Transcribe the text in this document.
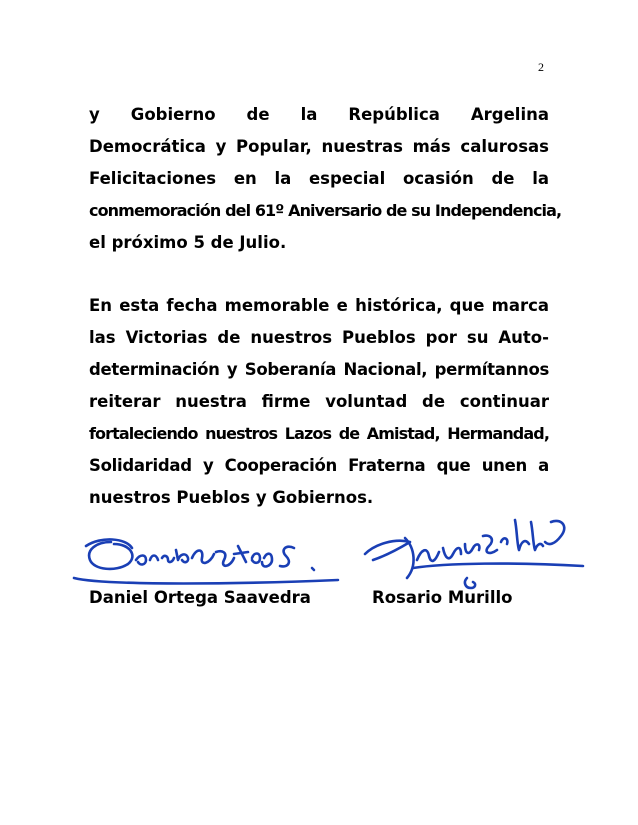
2
y Gobierno de la República Argelina
Democrática y Popular, nuestras más calurosas
Felicitaciones en la especial ocasión de la
conmemoración del 61º Aniversario de su Independencia,
el próximo 5 de Julio.
En esta fecha memorable e histórica, que marca
las Victorias de nuestros Pueblos por su Auto-
determinación y Soberanía Nacional, permítannos
reiterar nuestra firme voluntad de continuar
fortaleciendo nuestros Lazos de Amistad, Hermandad,
Solidaridad y Cooperación Fraterna que unen a
nuestros Pueblos y Gobiernos.
Daniel Ortega Saavedra	Rosario Murillo
